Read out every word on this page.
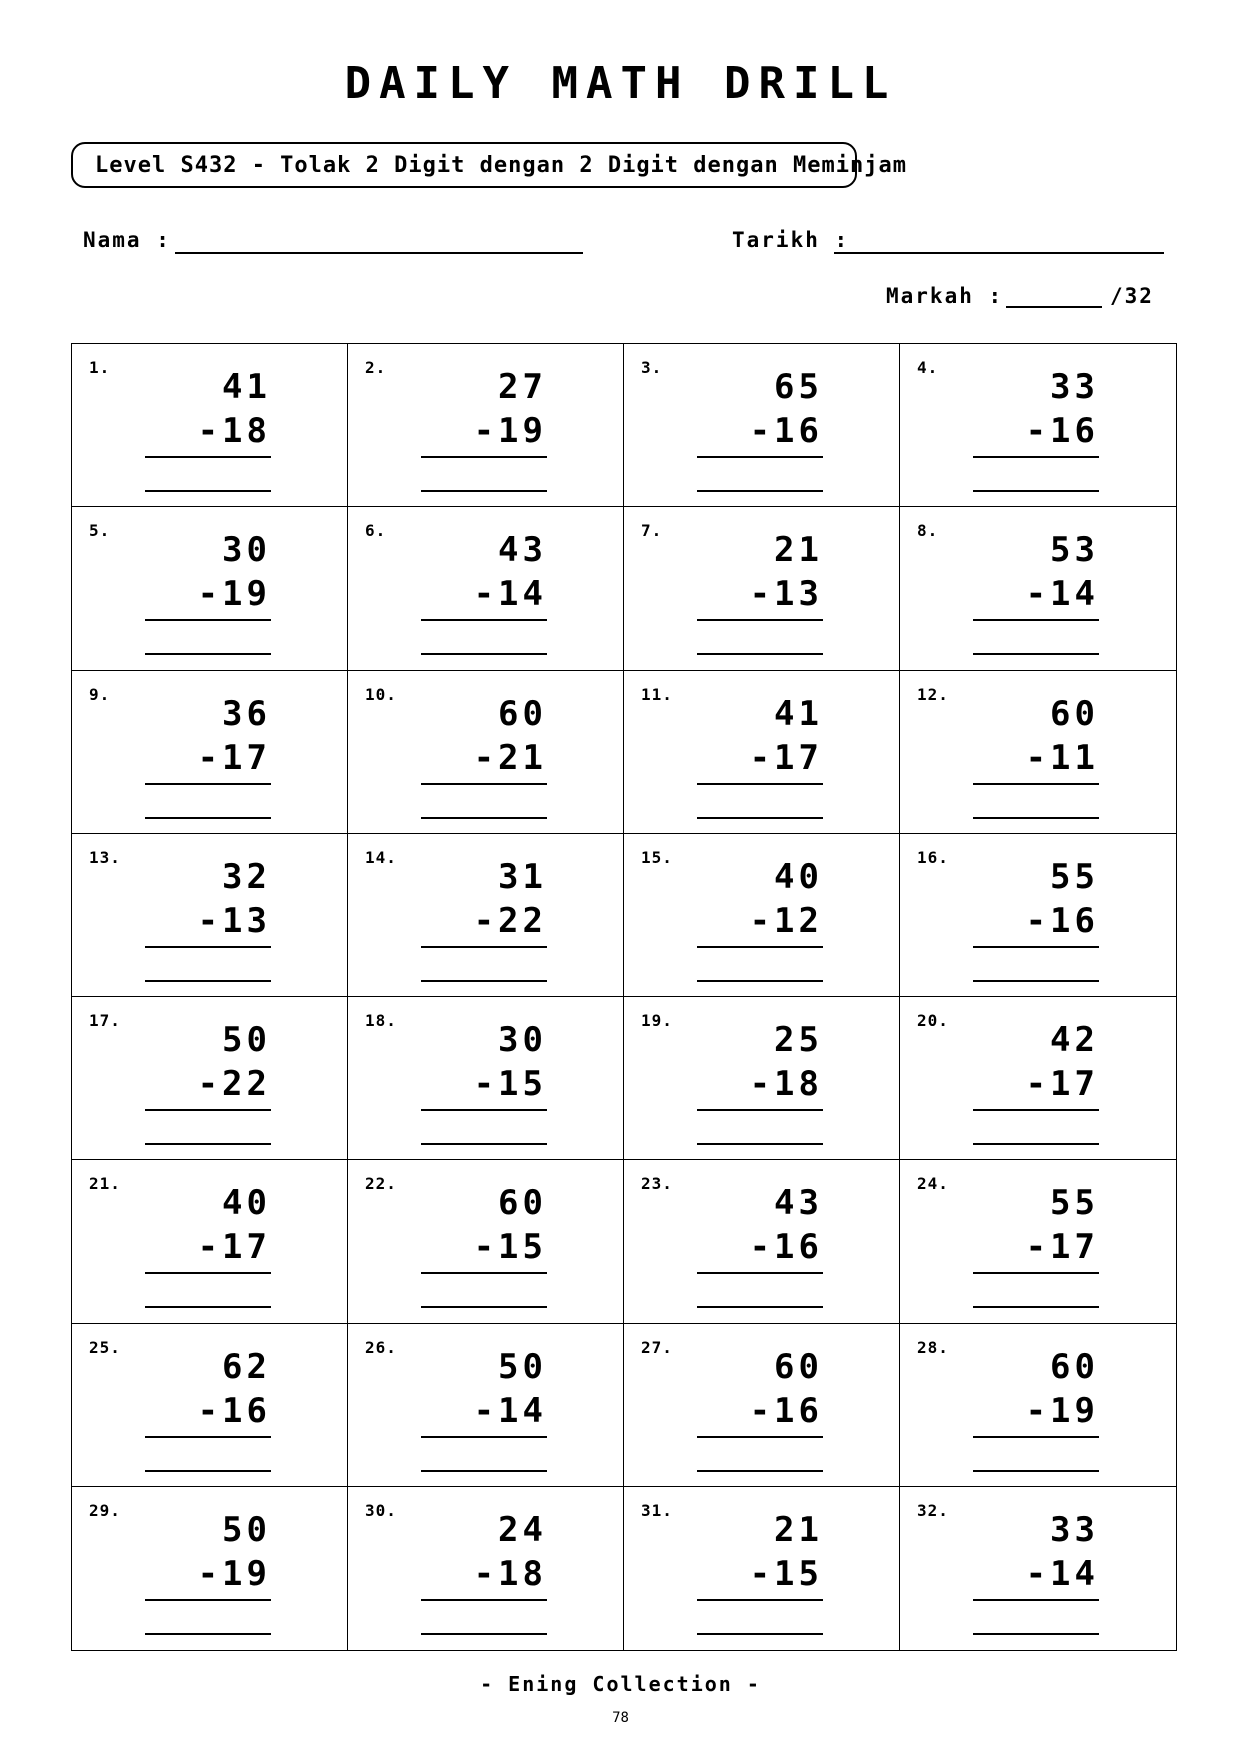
DAILY MATH DRILL
Level S432 - Tolak 2 Digit dengan 2 Digit dengan Meminjam
Nama :	Tarikh :
Markah :	/32
1.	41
-18
2.	27
-19
3.	65
-16
4.	33
-16
5.	30
-19
6.	43
-14
7.	21
-13
8.	53
-14
9.	36
-17
10.	60
-21
11.	41
-17
12.	60
-11
13.	32
-13
14.	31
-22
15.	40
-12
16.	55
-16
17.	50
-22
18.	30
-15
19.	25
-18
20.	42
-17
21.	40
-17
22.	60
-15
23.	43
-16
24.	55
-17
25.	62
-16
26.	50
-14
27.	60
-16
28.	60
-19
29.	50
-19
30.	24
-18
31.	21
-15
32.	33
-14
- Ening Collection -
78
